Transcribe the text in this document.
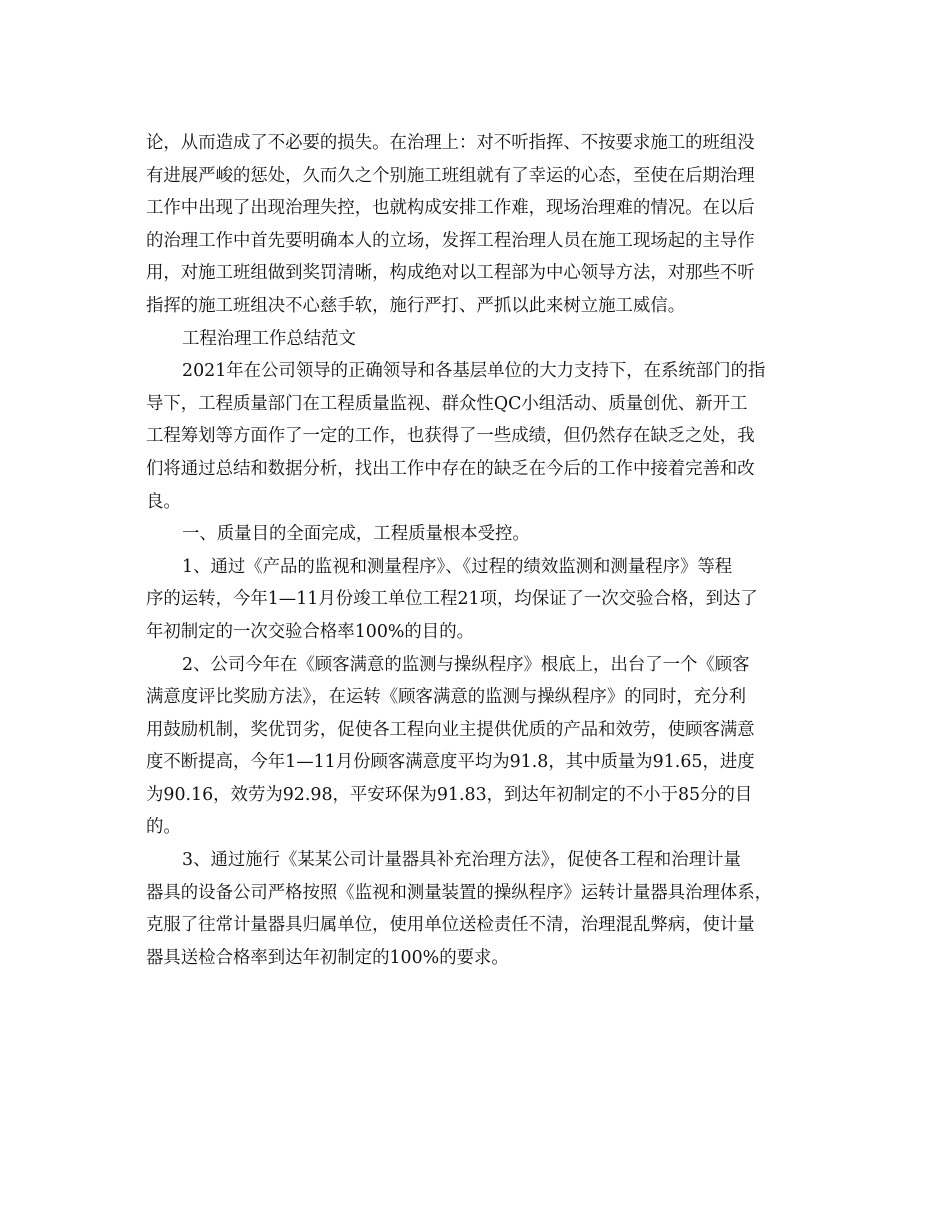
论，从而造成了不必要的损失。在治理上：对不听指挥、不按要求施工的班组没
有进展严峻的惩处，久而久之个别施工班组就有了幸运的心态，至使在后期治理
工作中出现了出现治理失控，也就构成安排工作难，现场治理难的情况。在以后
的治理工作中首先要明确本人的立场，发挥工程治理人员在施工现场起的主导作
用，对施工班组做到奖罚清晰，构成绝对以工程部为中心领导方法，对那些不听
指挥的施工班组决不心慈手软，施行严打、严抓以此来树立施工威信。
工程治理工作总结范文
2021年在公司领导的正确领导和各基层单位的大力支持下，在系统部门的指
导下，工程质量部门在工程质量监视、群众性QC小组活动、质量创优、新开工
工程筹划等方面作了一定的工作，也获得了一些成绩，但仍然存在缺乏之处，我
们将通过总结和数据分析，找出工作中存在的缺乏在今后的工作中接着完善和改
良。
一、质量目的全面完成，工程质量根本受控。
1、通过《产品的监视和测量程序》、《过程的绩效监测和测量程序》等程
序的运转，今年1—11月份竣工单位工程21项，均保证了一次交验合格，到达了
年初制定的一次交验合格率100%的目的。
2、公司今年在《顾客满意的监测与操纵程序》根底上，出台了一个《顾客
满意度评比奖励方法》，在运转《顾客满意的监测与操纵程序》的同时，充分利
用鼓励机制，奖优罚劣，促使各工程向业主提供优质的产品和效劳，使顾客满意
度不断提高，今年1—11月份顾客满意度平均为91.8，其中质量为91.65，进度
为90.16，效劳为92.98，平安环保为91.83，到达年初制定的不小于85分的目
的。
3、通过施行《某某公司计量器具补充治理方法》，促使各工程和治理计量
器具的设备公司严格按照《监视和测量装置的操纵程序》运转计量器具治理体系，
克服了往常计量器具归属单位，使用单位送检责任不清，治理混乱弊病，使计量
器具送检合格率到达年初制定的100%的要求。
